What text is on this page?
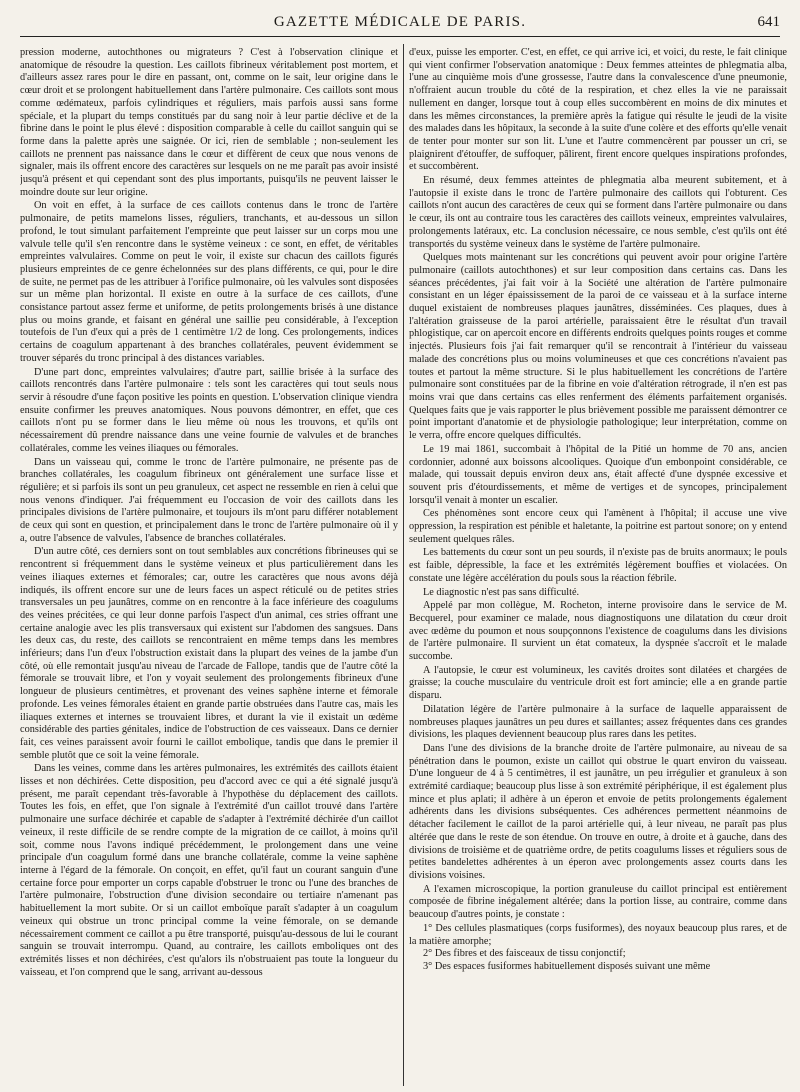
GAZETTE MÉDICALE DE PARIS.	641

pression moderne, autochthones ou migrateurs ? C'est à l'observation clinique et anatomique de résoudre la question. Les caillots fibrineux véritablement post mortem, et d'ailleurs assez rares pour le dire en passant, ont, comme on le sait, leur origine dans le cœur droit et se prolongent habituellement dans l'artère pulmonaire. Ces caillots sont mous comme œdémateux, parfois cylindriques et réguliers, mais parfois aussi sans forme spéciale, et la plupart du temps constitués par du sang noir à leur partie déclive et de la fibrine dans le point le plus élevé : disposition comparable à celle du caillot sanguin qui se forme dans la palette après une saignée. Or ici, rien de semblable ; non-seulement les caillots ne prennent pas naissance dans le cœur et diffèrent de ceux que nous venons de signaler, mais ils offrent encore des caractères sur lesquels on ne me paraît pas avoir insisté jusqu'à présent et qui cependant sont des plus importants, puisqu'ils ne peuvent laisser le moindre doute sur leur origine.

On voit en effet, à la surface de ces caillots contenus dans le tronc de l'artère pulmonaire, de petits mamelons lisses, réguliers, tranchants, et au-dessous un sillon profond, le tout simulant parfaitement l'empreinte que peut laisser sur un corps mou une valvule telle qu'il s'en rencontre dans le système veineux : ce sont, en effet, de véritables empreintes valvulaires. Comme on peut le voir, il existe sur chacun des caillots figurés plusieurs empreintes de ce genre échelonnées sur des plans différents, ce qui, pour le dire de suite, ne permet pas de les attribuer à l'orifice pulmonaire, où les valvules sont disposées sur un même plan horizontal. Il existe en outre à la surface de ces caillots, d'une consistance partout assez ferme et uniforme, de petits prolongements brisés à une distance plus ou moins grande, et faisant en général une saillie peu considérable, à l'exception toutefois de l'un d'eux qui a près de 1 centimètre 1/2 de long. Ces prolongements, indices certains de coagulum appartenant à des branches collatérales, peuvent évidemment se trouver séparés du tronc principal à des distances variables.

D'une part donc, empreintes valvulaires; d'autre part, saillie brisée à la surface des caillots rencontrés dans l'artère pulmonaire : tels sont les caractères qui tout seuls nous servir à résoudre d'une façon positive les points en question. L'observation clinique viendra ensuite confirmer les preuves anatomiques. Nous pouvons démontrer, en effet, que ces caillots n'ont pu se former dans le lieu même où nous les trouvons, et qu'ils ont nécessairement dû prendre naissance dans une veine fournie de valvules et de branches collatérales, comme les veines iliaques ou fémorales.

Dans un vaisseau qui, comme le tronc de l'artère pulmonaire, ne présente pas de branches collatérales, les coagulum fibrineux ont généralement une surface lisse et régulière; et si parfois ils sont un peu granuleux, cet aspect ne ressemble en rien à celui que nous venons d'indiquer. J'ai fréquemment eu l'occasion de voir des caillots dans les principales divisions de l'artère pulmonaire, et toujours ils m'ont paru différer notablement de ceux qui sont en question, et principalement dans le tronc de l'artère pulmonaire où il y a, outre l'absence de valvules, l'absence de branches collatérales.

D'un autre côté, ces derniers sont on tout semblables aux concrétions fibrineuses qui se rencontrent si fréquemment dans le système veineux et plus particulièrement dans les veines iliaques externes et fémorales; car, outre les caractères que nous avons déjà indiqués, ils offrent encore sur une de leurs faces un aspect réticulé ou de petites stries transversales un peu jaunâtres, comme on en rencontre à la face inférieure des coagulums des veines précitées, ce qui leur donne parfois l'aspect d'un animal, ces stries offrant une certaine analogie avec les plis transversaux qui existent sur l'abdomen des sangsues. Dans les deux cas, du reste, des caillots se rencontraient en même temps dans les membres inférieurs; dans l'un d'eux l'obstruction existait dans la plupart des veines de la jambe d'un côté, où elle remontait jusqu'au niveau de l'arcade de Fallope, tandis que de l'autre côté la fémorale se trouvait libre, et l'on y voyait seulement des prolongements fibrineux d'une longueur de plusieurs centimètres, et provenant des veines saphène interne et fémorale profonde. Les veines fémorales étaient en grande partie obstruées dans l'autre cas, mais les iliaques externes et internes se trouvaient libres, et durant la vie il existait un œdème considérable des parties génitales, indice de l'obstruction de ces vaisseaux. Dans ce dernier fait, ces veines paraissent avoir fourni le caillot embolique, tandis que dans le premier il semble plutôt que ce soit la veine fémorale.

Dans les veines, comme dans les artères pulmonaires, les extrémités des caillots étaient lisses et non déchirées. Cette disposition, peu d'accord avec ce qui a été signalé jusqu'à présent, me paraît cependant très-favorable à l'hypothèse du déplacement des caillots. Toutes les fois, en effet, que l'on signale à l'extrémité d'un caillot trouvé dans l'artère pulmonaire une surface déchirée et capable de s'adapter à l'extrémité déchirée d'un caillot veineux, il reste difficile de se rendre compte de la migration de ce caillot, à moins qu'il soit, comme nous l'avons indiqué précédemment, le prolongement dans une veine principale d'un coagulum formé dans une branche collatérale, comme la veine saphène interne à l'égard de la fémorale. On conçoit, en effet, qu'il faut un courant sanguin d'une certaine force pour emporter un corps capable d'obstruer le tronc ou l'une des branches de l'artère pulmonaire, l'obstruction d'une division secondaire ou tertiaire n'amenant pas habituellement la mort subite. Or si un caillot emboïque paraît s'adapter à un coagulum veineux qui obstrue un tronc principal comme la veine fémorale, on se demande nécessairement comment ce caillot a pu être transporté, puisqu'au-dessous de lui le courant sanguin se trouvait interrompu. Quand, au contraire, les caillots emboliques ont des extrémités lisses et non déchirées, c'est qu'alors ils n'obstruaient pas toute la longueur du vaisseau, et l'on comprend que le sang, arrivant au-dessous

d'eux, puisse les emporter. C'est, en effet, ce qui arrive ici, et voici, du reste, le fait clinique qui vient confirmer l'observation anatomique : Deux femmes atteintes de phlegmatia alba, l'une au cinquième mois d'une grossesse, l'autre dans la convalescence d'une pneumonie, n'offraient aucun trouble du côté de la respiration, et chez elles la vie ne paraissait nullement en danger, lorsque tout à coup elles succombèrent en moins de dix minutes et dans les mêmes circonstances, la première après la fatigue qui résulte le jeudi de la visite des malades dans les hôpitaux, la seconde à la suite d'une colère et des efforts qu'elle venait de tenter pour monter sur son lit. L'une et l'autre commencèrent par pousser un cri, se plaignirent d'étouffer, de suffoquer, pâlirent, firent encore quelques inspirations profondes, et succombèrent.

En résumé, deux femmes atteintes de phlegmatia alba meurent subitement, et à l'autopsie il existe dans le tronc de l'artère pulmonaire des caillots qui l'obturent. Ces caillots n'ont aucun des caractères de ceux qui se forment dans l'artère pulmonaire ou dans le cœur, ils ont au contraire tous les caractères des caillots veineux, empreintes valvulaires, prolongements latéraux, etc. La conclusion nécessaire, ce nous semble, c'est qu'ils ont été transportés du système veineux dans le système de l'artère pulmonaire.

Quelques mots maintenant sur les concrétions qui peuvent avoir pour origine l'artère pulmonaire (caillots autochthones) et sur leur composition dans certains cas. Dans les séances précédentes, j'ai fait voir à la Société une altération de l'artère pulmonaire consistant en un léger épaississement de la paroi de ce vaisseau et à la surface interne duquel existaient de nombreuses plaques jaunâtres, disséminées. Ces plaques, dues à l'altération graisseuse de la paroi artérielle, paraissaient être le résultat d'un travail phlogistique, car on apercoit encore en différents endroits quelques points rouges et comme injectés. Plusieurs fois j'ai fait remarquer qu'il se rencontrait à l'intérieur du vaisseau malade des concrétions plus ou moins volumineuses et que ces concrétions n'avaient pas toutes et partout la même structure. Si le plus habituellement les concrétions de l'artère pulmonaire sont constituées par de la fibrine en voie d'altération rétrograde, il n'en est pas moins vrai que dans certains cas elles renferment des éléments parfaitement organisés. Quelques faits que je vais rapporter le plus brièvement possible me paraissent démontrer ce point important d'anatomie et de physiologie pathologique; leur interprétation, comme on le verra, offre encore quelques difficultés.

Le 19 mai 1861, succombait à l'hôpital de la Pitié un homme de 70 ans, ancien cordonnier, adonné aux boissons alcooliques. Quoique d'un embonpoint considérable, ce malade, qui toussait depuis environ deux ans, était affecté d'une dyspnée excessive et souvent pris d'étourdissements, et même de vertiges et de syncopes, principalement lorsqu'il venait à monter un escalier.

Ces phénomènes sont encore ceux qui l'amènent à l'hôpital; il accuse une vive oppression, la respiration est pénible et haletante, la poitrine est partout sonore; on y entend seulement quelques râles.

Les battements du cœur sont un peu sourds, il n'existe pas de bruits anormaux; le pouls est faible, dépressible, la face et les extrémités légèrement bouffies et violacées. On constate une légère accélération du pouls sous la réaction fébrile.

Le diagnostic n'est pas sans difficulté.

Appelé par mon collègue, M. Rocheton, interne provisoire dans le service de M. Becquerel, pour examiner ce malade, nous diagnostiquons une dilatation du cœur droit avec œdème du poumon et nous soupçonnons l'existence de coagulums dans les divisions de l'artère pulmonaire. Il survient un état comateux, la dyspnée s'accroît et le malade succombe.

A l'autopsie, le cœur est volumineux, les cavités droites sont dilatées et chargées de graisse; la couche musculaire du ventricule droit est fort amincie; elle a en grande partie disparu.

Dilatation légère de l'artère pulmonaire à la surface de laquelle apparaissent de nombreuses plaques jaunâtres un peu dures et saillantes; assez fréquentes dans ces grandes divisions, les plaques deviennent beaucoup plus rares dans les petites.

Dans l'une des divisions de la branche droite de l'artère pulmonaire, au niveau de sa pénétration dans le poumon, existe un caillot qui obstrue le quart environ du vaisseau. D'une longueur de 4 à 5 centimètres, il est jaunâtre, un peu irrégulier et granuleux à son extrémité cardiaque; beaucoup plus lisse à son extrémité périphérique, il est également plus mince et plus aplati; il adhère à un éperon et envoie de petits prolongements également adhérents dans les divisions subséquentes. Ces adhérences permettent néanmoins de détacher facilement le caillot de la paroi artérielle qui, à leur niveau, ne paraît pas plus altérée que dans le reste de son étendue. On trouve en outre, à droite et à gauche, dans des divisions de troisième et de quatrième ordre, de petits coagulums lisses et réguliers sous de petites bandelettes adhérentes à un éperon avec prolongements assez courts dans les divisions voisines.

A l'examen microscopique, la portion granuleuse du caillot principal est entièrement composée de fibrine inégalement altérée; dans la portion lisse, au contraire, comme dans beaucoup d'autres points, je constate :

1° Des cellules plasmatiques (corps fusiformes), des noyaux beaucoup plus rares, et de la matière amorphe;

2° Des fibres et des faisceaux de tissu conjonctif;

3° Des espaces fusiformes habituellement disposés suivant une même
